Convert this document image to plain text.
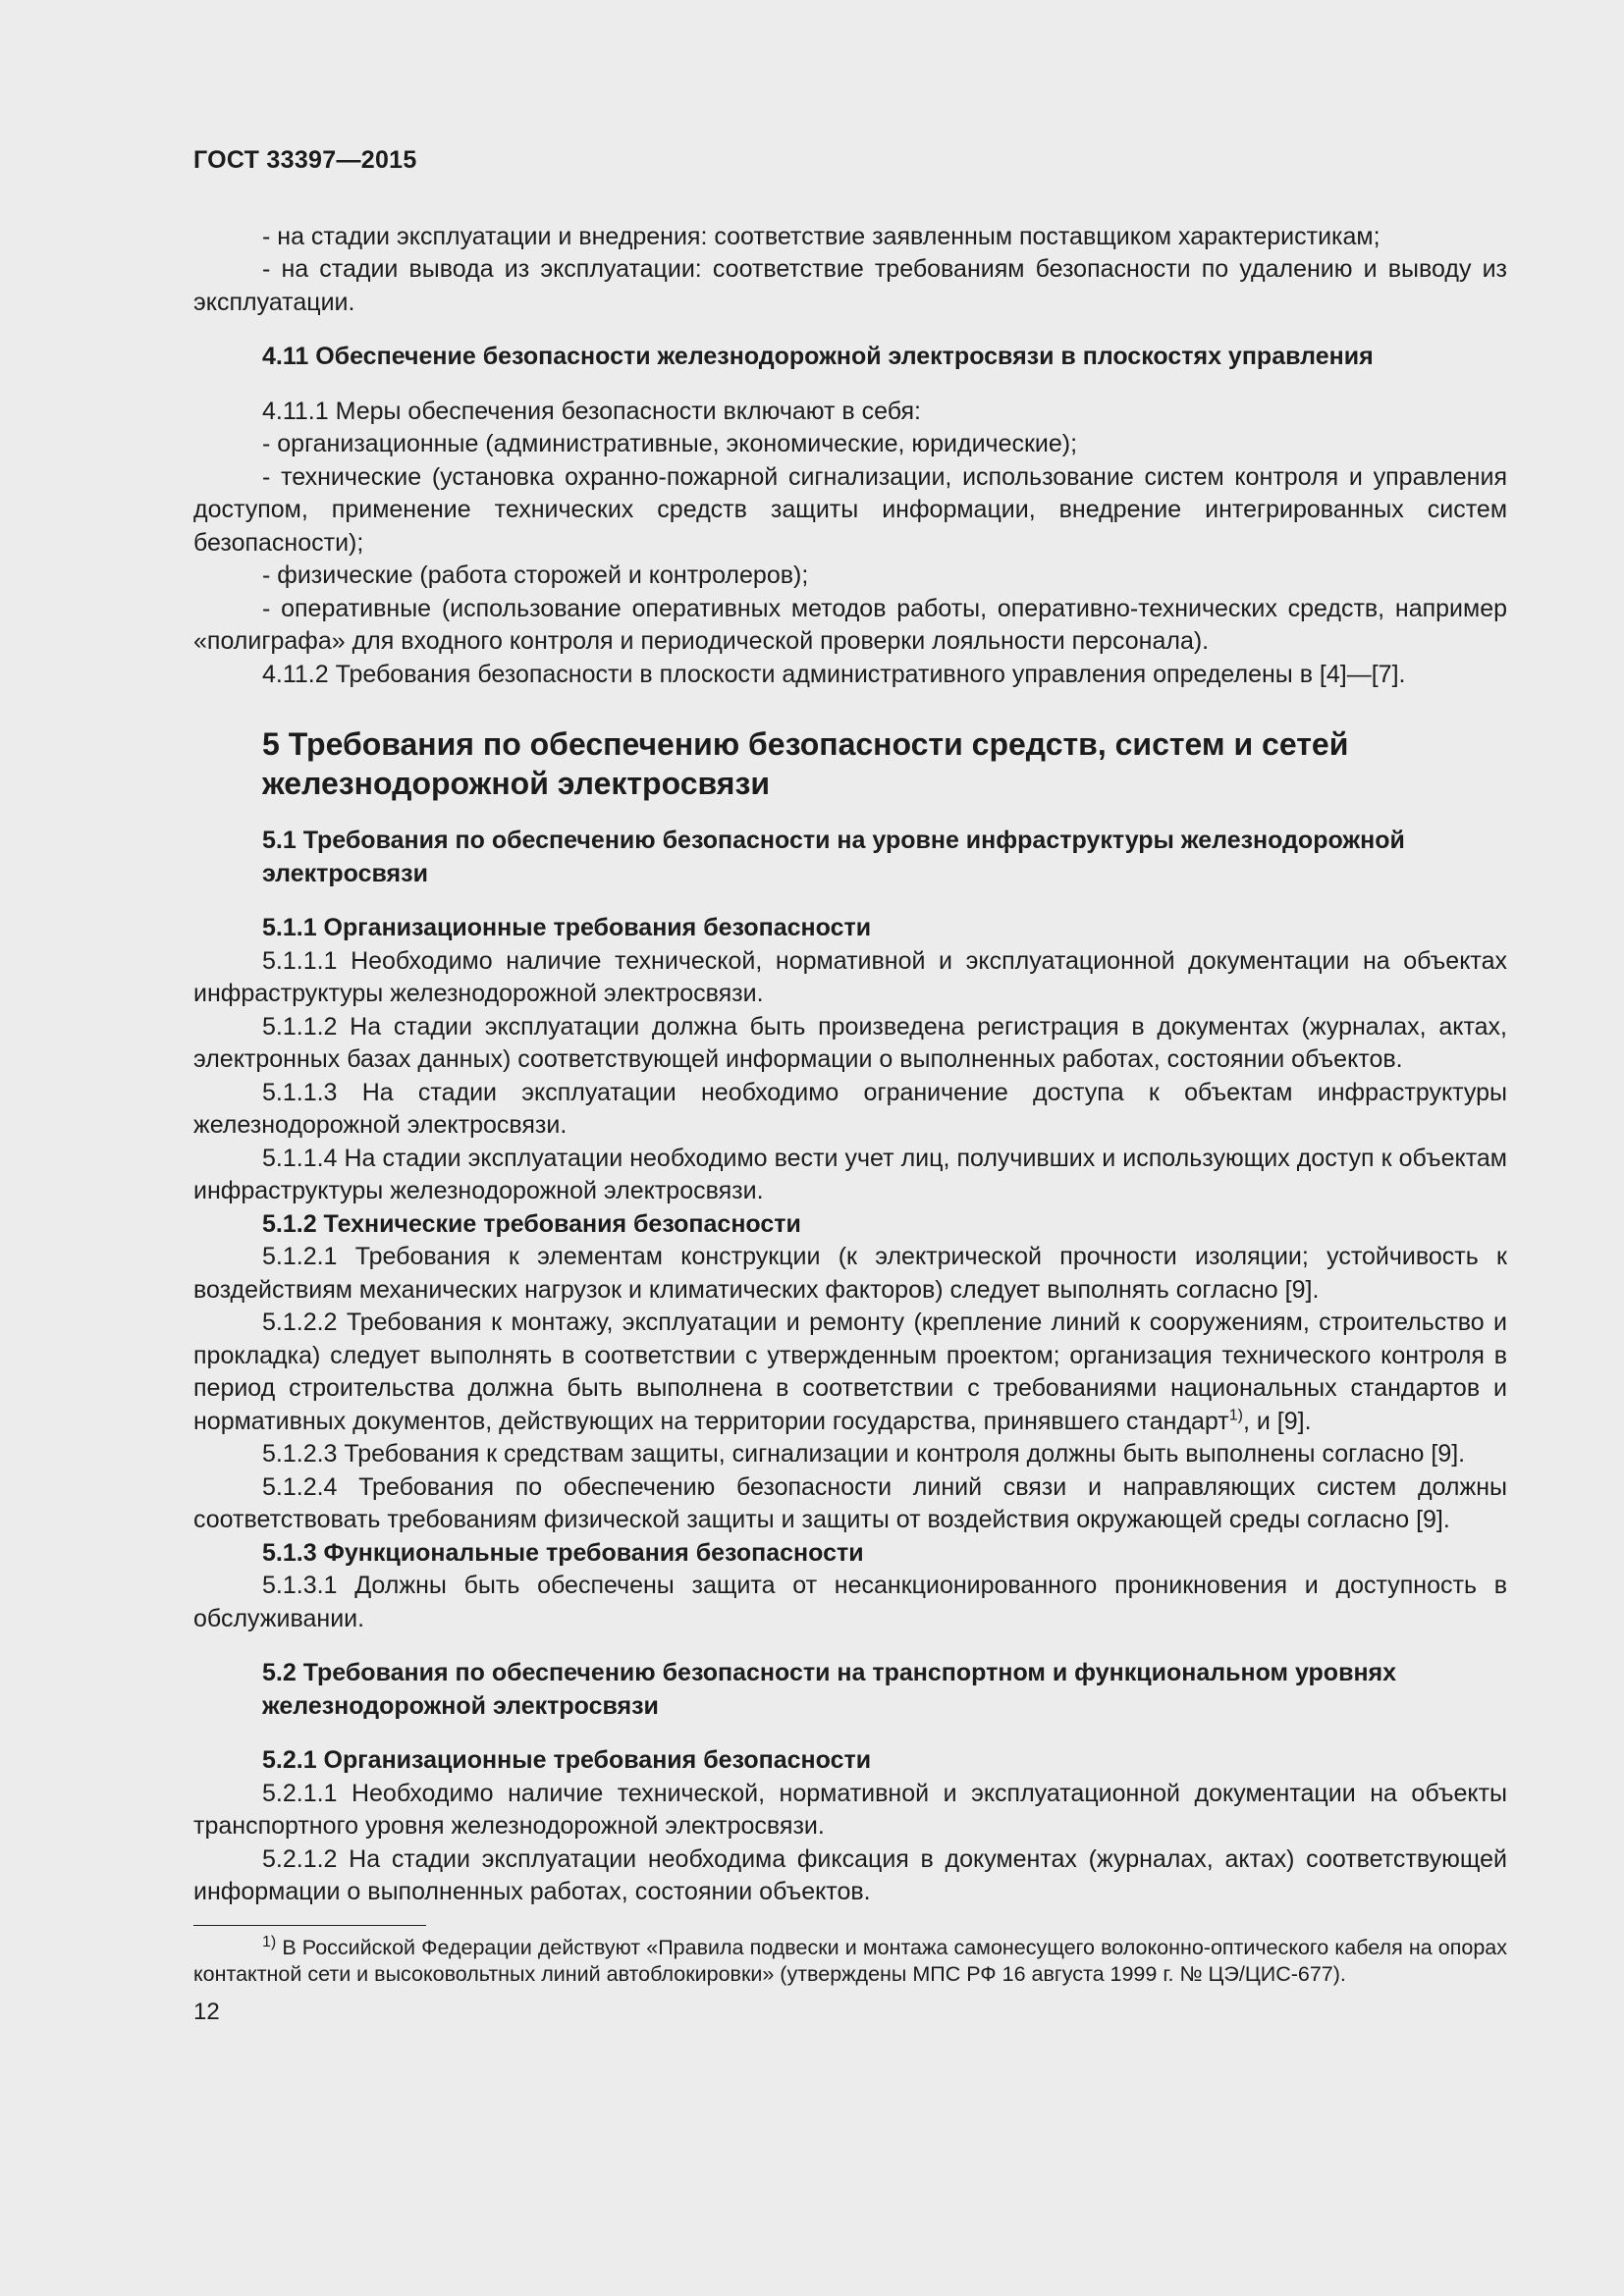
ГОСТ 33397—2015

- на стадии эксплуатации и внедрения: соответствие заявленным поставщиком характеристикам;

- на стадии вывода из эксплуатации: соответствие требованиям безопасности по удалению и выводу из эксплуатации.

4.11 Обеспечение безопасности железнодорожной электросвязи в плоскостях управления

4.11.1 Меры обеспечения безопасности включают в себя:

- организационные (административные, экономические, юридические);

- технические (установка охранно-пожарной сигнализации, использование систем контроля и управления доступом, применение технических средств защиты информации, внедрение интегрированных систем безопасности);

- физические (работа сторожей и контролеров);

- оперативные (использование оперативных методов работы, оперативно-технических средств, например «полиграфа» для входного контроля и периодической проверки лояльности персонала).

4.11.2 Требования безопасности в плоскости административного управления определены в [4]—[7].

5 Требования по обеспечению безопасности средств, систем и сетей железнодорожной электросвязи
5.1 Требования по обеспечению безопасности на уровне инфраструктуры железнодорожной электросвязи
5.1.1 Организационные требования безопасности

5.1.1.1 Необходимо наличие технической, нормативной и эксплуатационной документации на объектах инфраструктуры железнодорожной электросвязи.

5.1.1.2 На стадии эксплуатации должна быть произведена регистрация в документах (журналах, актах, электронных базах данных) соответствующей информации о выполненных работах, состоянии объектов.

5.1.1.3 На стадии эксплуатации необходимо ограничение доступа к объектам инфраструктуры железнодорожной электросвязи.

5.1.1.4 На стадии эксплуатации необходимо вести учет лиц, получивших и использующих доступ к объектам инфраструктуры железнодорожной электросвязи.

5.1.2 Технические требования безопасности

5.1.2.1 Требования к элементам конструкции (к электрической прочности изоляции; устойчивость к воздействиям механических нагрузок и климатических факторов) следует выполнять согласно [9].

5.1.2.2 Требования к монтажу, эксплуатации и ремонту (крепление линий к сооружениям, строительство и прокладка) следует выполнять в соответствии с утвержденным проектом; организация технического контроля в период строительства должна быть выполнена в соответствии с требованиями национальных стандартов и нормативных документов, действующих на территории государства, принявшего стандарт$^{1)}$, и [9].

5.1.2.3 Требования к средствам защиты, сигнализации и контроля должны быть выполнены согласно [9].

5.1.2.4 Требования по обеспечению безопасности линий связи и направляющих систем должны соответствовать требованиям физической защиты и защиты от воздействия окружающей среды согласно [9].

5.1.3 Функциональные требования безопасности

5.1.3.1 Должны быть обеспечены защита от несанкционированного проникновения и доступность в обслуживании.

5.2 Требования по обеспечению безопасности на транспортном и функциональном уровнях железнодорожной электросвязи
5.2.1 Организационные требования безопасности

5.2.1.1 Необходимо наличие технической, нормативной и эксплуатационной документации на объекты транспортного уровня железнодорожной электросвязи.

5.2.1.2 На стадии эксплуатации необходима фиксация в документах (журналах, актах) соответствующей информации о выполненных работах, состоянии объектов.

$^{1)}$ В Российской Федерации действуют «Правила подвески и монтажа самонесущего волоконно-оптического кабеля на опорах контактной сети и высоковольтных линий автоблокировки» (утверждены МПС РФ 16 августа 1999 г. № ЦЭ/ЦИС-677).
12
